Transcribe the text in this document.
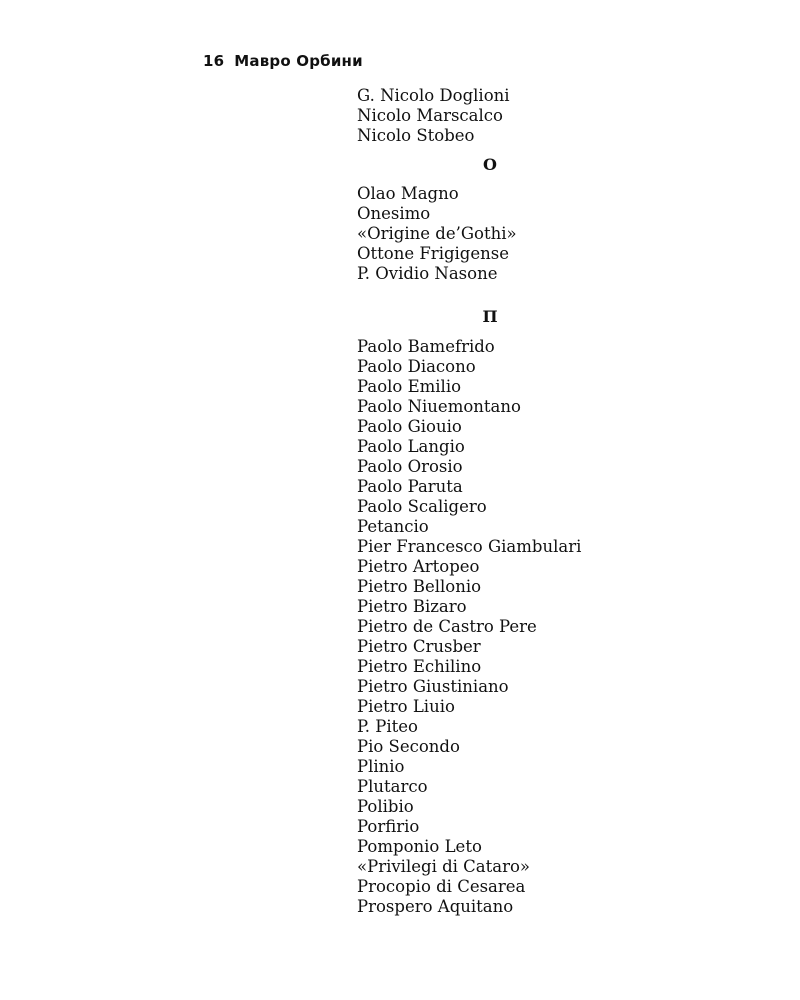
16 Мавро Орбини
G. Nicolo Doglioni
Nicolo Marscalco
Nicolo Stobeo
O
Olao Magno
Onesimo
«Origine de’Gothi»
Ottone Frigigense
P. Ovidio Nasone
П
Paolo Bamefrido
Paolo Diacono
Paolo Emilio
Paolo Niuemontano
Paolo Giouio
Paolo Langio
Paolo Orosio
Paolo Paruta
Paolo Scaligero
Petancio
Pier Francesco Giambulari
Pietro Artopeo
Pietro Bellonio
Pietro Bizaro
Pietro de Castro Pere
Pietro Crusber
Pietro Echilino
Pietro Giustiniano
Pietro Liuio
P. Piteo
Pio Secondo
Plinio
Plutarco
Polibio
Porfirio
Pomponio Leto
«Privilegi di Cataro»
Procopio di Cesarea
Prospero Aquitano
